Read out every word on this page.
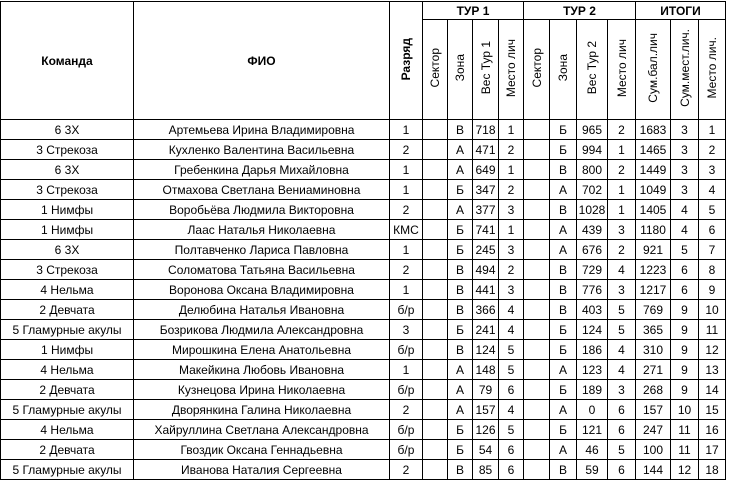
Команда	ФИО	Разряд	ТУР 1				ТУР 2				ИТОГИ		
			Сектор	Зона	Вес Тур 1	Место лич	Сектор	Зона	Вес Тур 2	Место лич	Сум.бал.лич	Сум.мест.лич.	Место лич.
6 3X	Артемьева Ирина Владимировна	1		В	718	1		Б	965	2	1683	3	1
3 Стрекоза	Кухленко Валентина Васильевна	2		А	471	2		Б	994	1	1465	3	2
6 3X	Гребенкина Дарья Михайловна	1		А	649	1		В	800	2	1449	3	3
3 Стрекоза	Отмахова Светлана Вениаминовна	1		Б	347	2		А	702	1	1049	3	4
1 Нимфы	Воробьёва Людмила Викторовна	2		А	377	3		В	1028	1	1405	4	5
1 Нимфы	Лаас Наталья Николаевна	КМС		Б	741	1		А	439	3	1180	4	6
6 3X	Полтавченко Лариса Павловна	1		Б	245	3		А	676	2	921	5	7
3 Стрекоза	Соломатова Татьяна Васильевна	2		В	494	2		В	729	4	1223	6	8
4 Нельма	Воронова Оксана Владимировна	1		В	441	3		В	776	3	1217	6	9
2 Девчата	Делюбина Наталья Ивановна	б/р		В	366	4		В	403	5	769	9	10
5 Гламурные акулы	Бозрикова Людмила Александровна	3		Б	241	4		Б	124	5	365	9	11
1 Нимфы	Мирошкина Елена Анатольевна	б/р		В	124	5		Б	186	4	310	9	12
4 Нельма	Макейкина Любовь Ивановна	1		А	148	5		А	123	4	271	9	13
2 Девчата	Кузнецова Ирина Николаевна	б/р		А	79	6		Б	189	3	268	9	14
5 Гламурные акулы	Дворянкина Галина Николаевна	2		А	157	4		А	0	6	157	10	15
4 Нельма	Хайруллина Светлана Александровна	б/р		Б	126	5		Б	121	6	247	11	16
2 Девчата	Гвоздик Оксана Геннадьевна	б/р		Б	54	6		А	46	5	100	11	17
5 Гламурные акулы	Иванова Наталия Сергеевна	2		В	85	6		В	59	6	144	12	18
